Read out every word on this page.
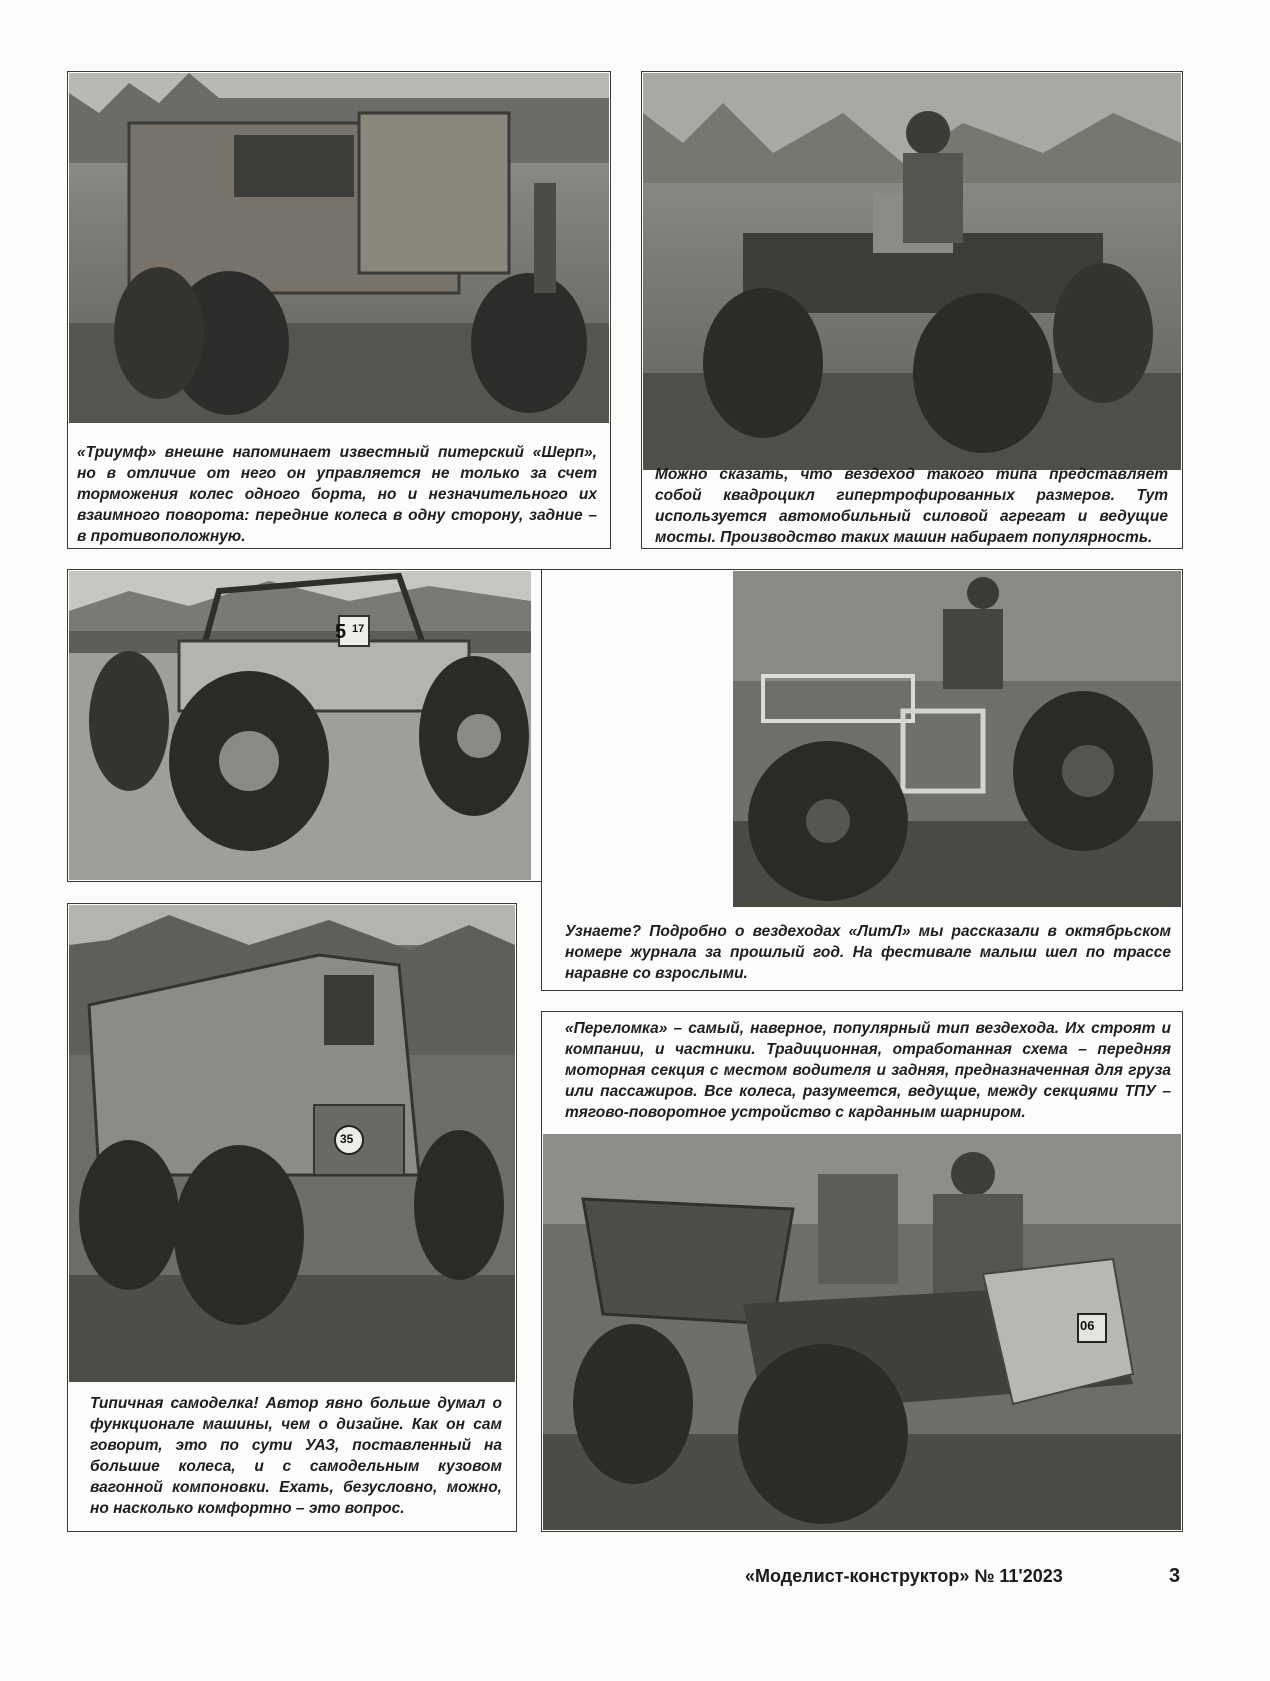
«Триумф» внешне напоминает известный питерский «Шерп», но в отличие от него он управляется не только за счет торможения колес одного борта, но и незначительного их взаимного поворота: передние колеса в одну сторону, задние – в противоположную.

Можно сказать, что вездеход такого типа представляет собой квадроцикл гипертрофированных размеров. Тут используется автомобильный силовой агрегат и ведущие мосты. Производство таких машин набирает популярность.

5 17

Узнаете? Подробно о вездеходах «ЛитЛ» мы рассказали в октябрьском номере журнала за прошлый год. На фестивале малыш шел по трассе наравне со взрослыми.

«Переломка» – самый, наверное, популярный тип вездехода. Их строят и компании, и частники. Традиционная, отработанная схема – передняя моторная секция с местом водителя и задняя, предназначенная для груза или пассажиров. Все колеса, разумеется, ведущие, между секциями ТПУ – тягово-поворотное устройство с карданным шарниром.

06
35

Типичная самоделка! Автор явно больше думал о функционале машины, чем о дизайне. Как он сам говорит, это по сути УАЗ, поставленный на большие колеса, и с самодельным кузовом вагонной компоновки. Ехать, безусловно, можно, но насколько комфортно – это вопрос.

«Моделист-конструктор» № 11'2023	3
